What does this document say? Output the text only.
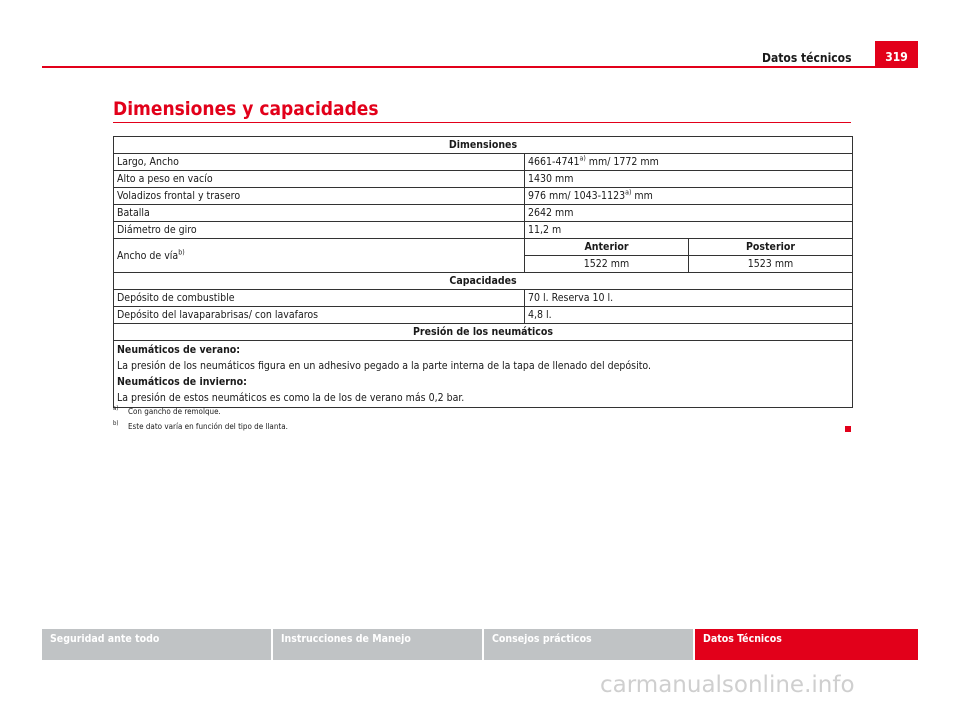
Datos técnicos	319
Dimensiones y capacidades
Dimensiones		
Largo, Ancho	4661-4741$^{a)}$ mm/ 1772 mm	
Alto a peso en vacío	1430 mm	
Voladizos frontal y trasero	976 mm/ 1043-1123$^{a)}$ mm	
Batalla	2642 mm	
Diámetro de giro	11,2 m	
Ancho de vía$^{b)}$	Anterior	Posterior
	1522 mm	1523 mm
Capacidades		
Depósito de combustible	70 l. Reserva 10 l.	
Depósito del lavaparabrisas/ con lavafaros	4,8 l.	
Presión de los neumáticos		

Neumáticos de verano:

La presión de los neumáticos figura en un adhesivo pegado a la parte interna de la tapa de llenado del depósito.

Neumáticos de invierno:

La presión de estos neumáticos es como la de los de verano más 0,2 bar.		

a)	Con gancho de remolque.
b)	Este dato varía en función del tipo de llanta.
Seguridad ante todo	Instrucciones de Manejo	Consejos prácticos	Datos Técnicos
carmanualsonline.info
